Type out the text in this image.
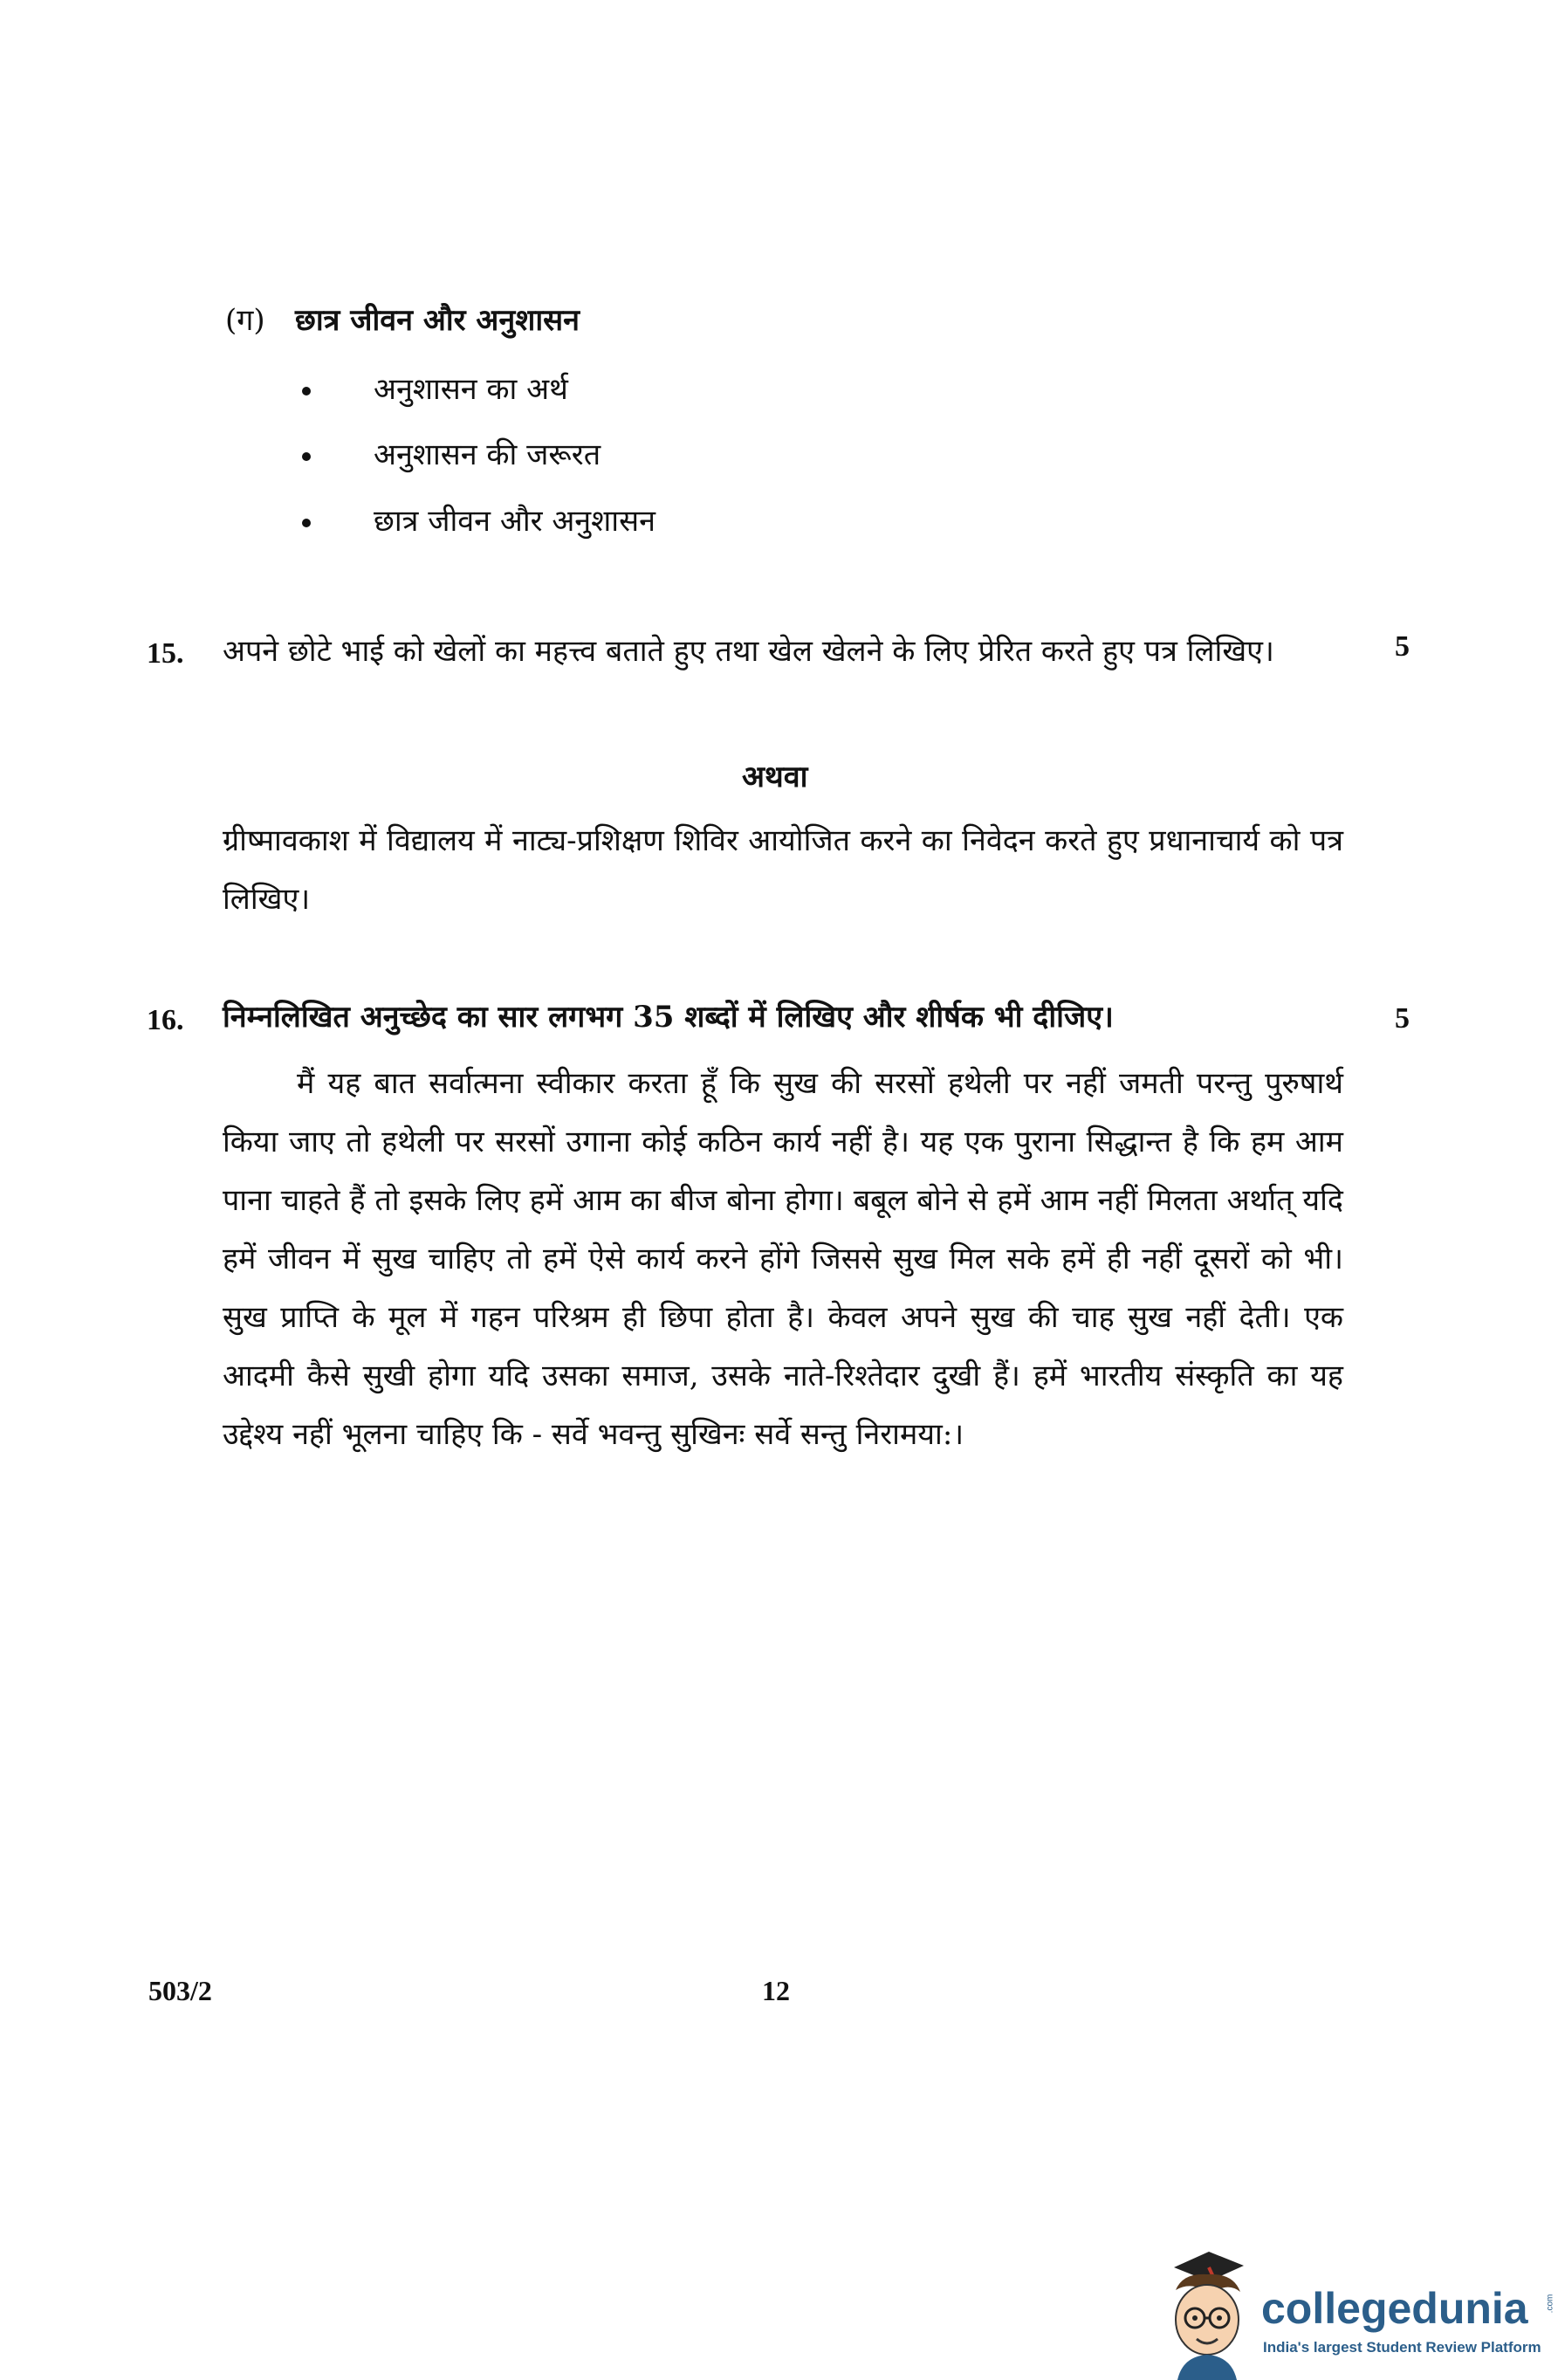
(ग) छात्र जीवन और अनुशासन
अनुशासन का अर्थ
अनुशासन की जरूरत
छात्र जीवन और अनुशासन
15. अपने छोटे भाई को खेलों का महत्त्व बताते हुए तथा खेल खेलने के लिए प्रेरित करते हुए पत्र लिखिए।	5
अथवा
ग्रीष्मावकाश में विद्यालय में नाट्य-प्रशिक्षण शिविर आयोजित करने का निवेदन करते हुए प्रधानाचार्य को पत्र लिखिए।
16. निम्नलिखित अनुच्छेद का सार लगभग 35 शब्दों में लिखिए और शीर्षक भी दीजिए।	5
मैं यह बात सर्वात्मना स्वीकार करता हूँ कि सुख की सरसों हथेली पर नहीं जमती परन्तु पुरुषार्थ किया जाए तो हथेली पर सरसों उगाना कोई कठिन कार्य नहीं है। यह एक पुराना सिद्धान्त है कि हम आम पाना चाहते हैं तो इसके लिए हमें आम का बीज बोना होगा। बबूल बोने से हमें आम नहीं मिलता अर्थात् यदि हमें जीवन में सुख चाहिए तो हमें ऐसे कार्य करने होंगे जिससे सुख मिल सके हमें ही नहीं दूसरों को भी। सुख प्राप्ति के मूल में गहन परिश्रम ही छिपा होता है। केवल अपने सुख की चाह सुख नहीं देती। एक आदमी कैसे सुखी होगा यदि उसका समाज, उसके नाते-रिश्तेदार दुखी हैं। हमें भारतीय संस्कृति का यह उद्देश्य नहीं भूलना चाहिए कि - सर्वे भवन्तु सुखिनः सर्वे सन्तु निरामया:।
503/2	12
collegedunia .com
India's largest Student Review Platform
